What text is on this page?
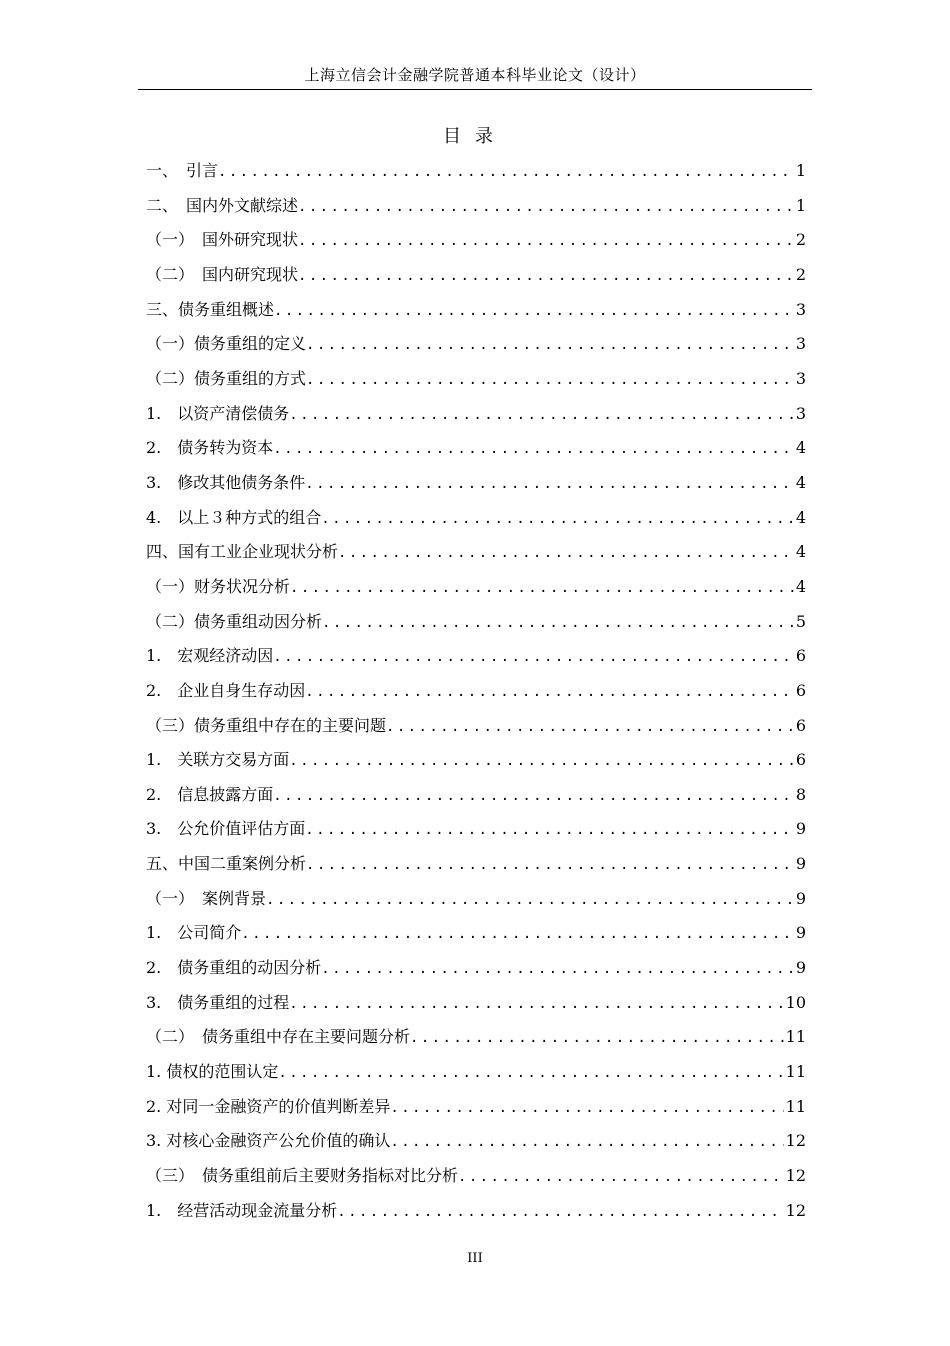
上海立信会计金融学院普通本科毕业论文（设计）
目录
一、　引言 .....	1
二、　国内外文献综述 .....	1
（一）　国外研究现状 .....	2
（二）　国内研究现状 .....	2
三、债务重组概述 .....	3
（一）债务重组的定义 .....	3
（二）债务重组的方式 .....	3
1.　以资产清偿债务 .....	3
2.　债务转为资本 .....	4
3.　修改其他债务条件 .....	4
4.　以上３种方式的组合 .....	4
四、国有工业企业现状分析 .....	4
（一）财务状况分析 .....	4
（二）债务重组动因分析 .....	5
1.　宏观经济动因 .....	6
2.　企业自身生存动因 .....	6
（三）债务重组中存在的主要问题 .....	6
1.　关联方交易方面 .....	6
2.　信息披露方面 .....	8
3.　公允价值评估方面 .....	9
五、中国二重案例分析 .....	9
（一）　案例背景 .....	9
1.　公司简介 .....	9
2.　债务重组的动因分析 .....	9
3.　债务重组的过程 .....	10
（二）　债务重组中存在主要问题分析 .....	11
1. 债权的范围认定 .....	11
2. 对同一金融资产的价值判断差异 .....	11
3. 对核心金融资产公允价值的确认 .....	12
（三）　债务重组前后主要财务指标对比分析 .....	12
1.　经营活动现金流量分析 .....	12
III
